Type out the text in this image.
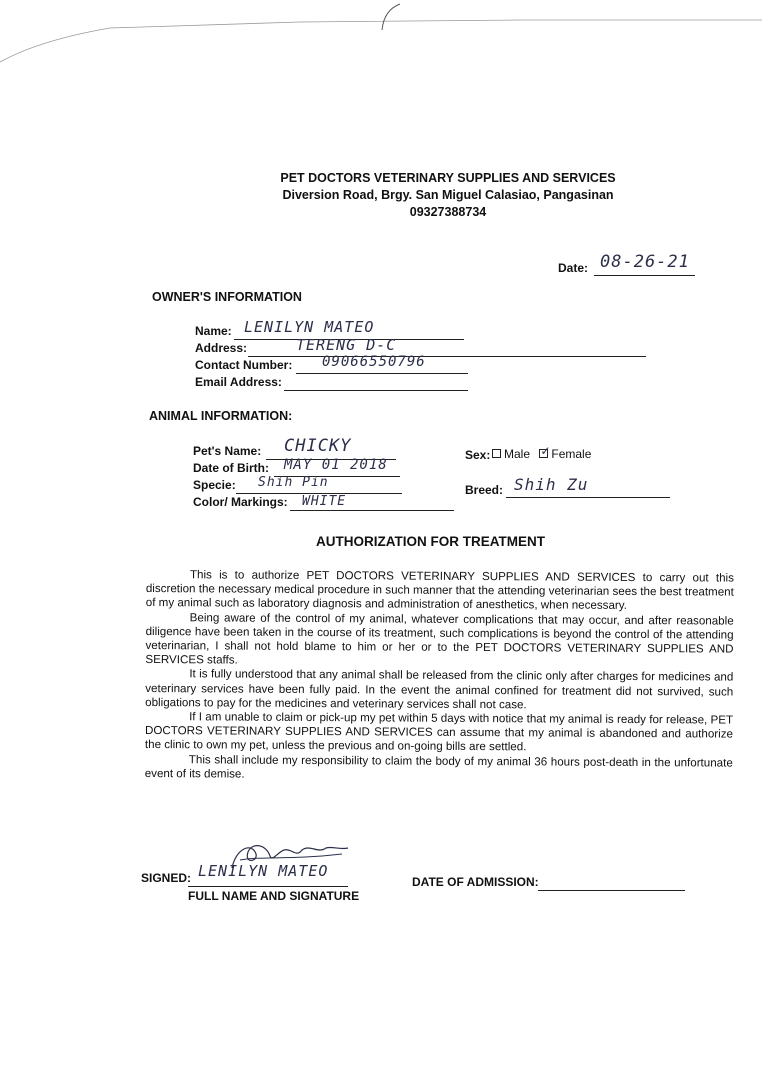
PET DOCTORS VETERINARY SUPPLIES AND SERVICES
Diversion Road, Brgy. San Miguel Calasiao, Pangasinan
09327388734
Date: 08-26-21
OWNER'S INFORMATION
Name: LENILYN MATEO
Address:	TERENG D-C
Contact Number: 09066550796
Email Address:
ANIMAL INFORMATION:
Pet's Name: CHICKY
Date of Birth: MAY 01 2018
Specie: Shih Pin
Color/ Markings: WHITE
Sex:	Male ✓ Female
Breed: Shih Zu
AUTHORIZATION FOR TREATMENT

This is to authorize PET DOCTORS VETERINARY SUPPLIES AND SERVICES to carry out this discretion the necessary medical procedure in such manner that the attending veterinarian sees the best treatment of my animal such as laboratory diagnosis and administration of anesthetics, when necessary.

Being aware of the control of my animal, whatever complications that may occur, and after reasonable diligence have been taken in the course of its treatment, such complications is beyond the control of the attending veterinarian, I shall not hold blame to him or her or to the PET DOCTORS VETERINARY SUPPLIES AND SERVICES staffs.

It is fully understood that any animal shall be released from the clinic only after charges for medicines and veterinary services have been fully paid. In the event the animal confined for treatment did not survived, such obligations to pay for the medicines and veterinary services shall not case.

If I am unable to claim or pick-up my pet within 5 days with notice that my animal is ready for release, PET DOCTORS VETERINARY SUPPLIES AND SERVICES can assume that my animal is abandoned and authorize the clinic to own my pet, unless the previous and on-going bills are settled.

This shall include my responsibility to claim the body of my animal 36 hours post-death in the unfortunate event of its demise.

SIGNED: LENILYN MATEO
FULL NAME AND SIGNATURE
DATE OF ADMISSION:
